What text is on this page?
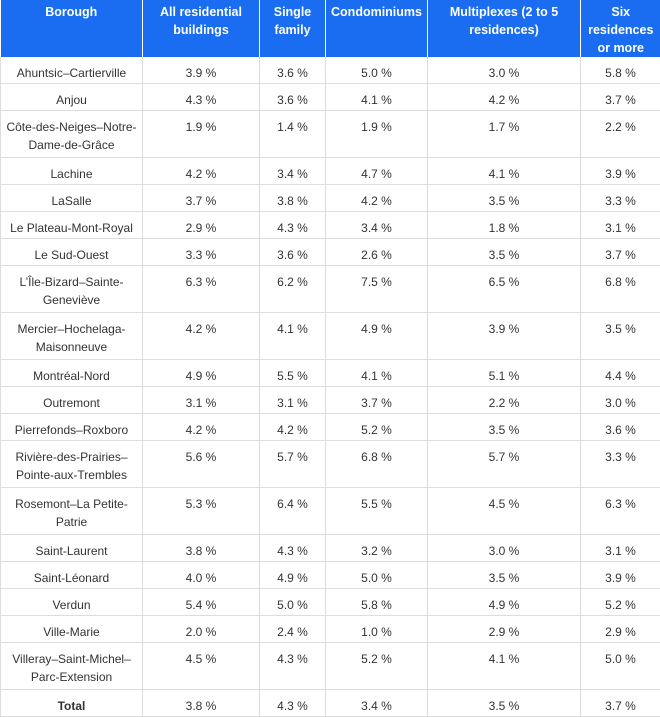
Borough	All residential buildings	Single family	Condominiums	Multiplexes (2 to 5 residences)	Six residences or more
Ahuntsic–Cartierville	3.9 %	3.6 %	5.0 %	3.0 %	5.8 %
Anjou	4.3 %	3.6 %	4.1 %	4.2 %	3.7 %
Côte-des-Neiges–Notre-Dame-de-Grâce	1.9 %	1.4 %	1.9 %	1.7 %	2.2 %
Lachine	4.2 %	3.4 %	4.7 %	4.1 %	3.9 %
LaSalle	3.7 %	3.8 %	4.2 %	3.5 %	3.3 %
Le Plateau-Mont-Royal	2.9 %	4.3 %	3.4 %	1.8 %	3.1 %
Le Sud-Ouest	3.3 %	3.6 %	2.6 %	3.5 %	3.7 %
L’Île-Bizard–Sainte-Geneviève	6.3 %	6.2 %	7.5 %	6.5 %	6.8 %
Mercier–Hochelaga-Maisonneuve	4.2 %	4.1 %	4.9 %	3.9 %	3.5 %
Montréal-Nord	4.9 %	5.5 %	4.1 %	5.1 %	4.4 %
Outremont	3.1 %	3.1 %	3.7 %	2.2 %	3.0 %
Pierrefonds–Roxboro	4.2 %	4.2 %	5.2 %	3.5 %	3.6 %
Rivière-des-Prairies–Pointe-aux-Trembles	5.6 %	5.7 %	6.8 %	5.7 %	3.3 %
Rosemont–La Petite-Patrie	5.3 %	6.4 %	5.5 %	4.5 %	6.3 %
Saint-Laurent	3.8 %	4.3 %	3.2 %	3.0 %	3.1 %
Saint-Léonard	4.0 %	4.9 %	5.0 %	3.5 %	3.9 %
Verdun	5.4 %	5.0 %	5.8 %	4.9 %	5.2 %
Ville-Marie	2.0 %	2.4 %	1.0 %	2.9 %	2.9 %
Villeray–Saint-Michel–Parc-Extension	4.5 %	4.3 %	5.2 %	4.1 %	5.0 %
Total	3.8 %	4.3 %	3.4 %	3.5 %	3.7 %
